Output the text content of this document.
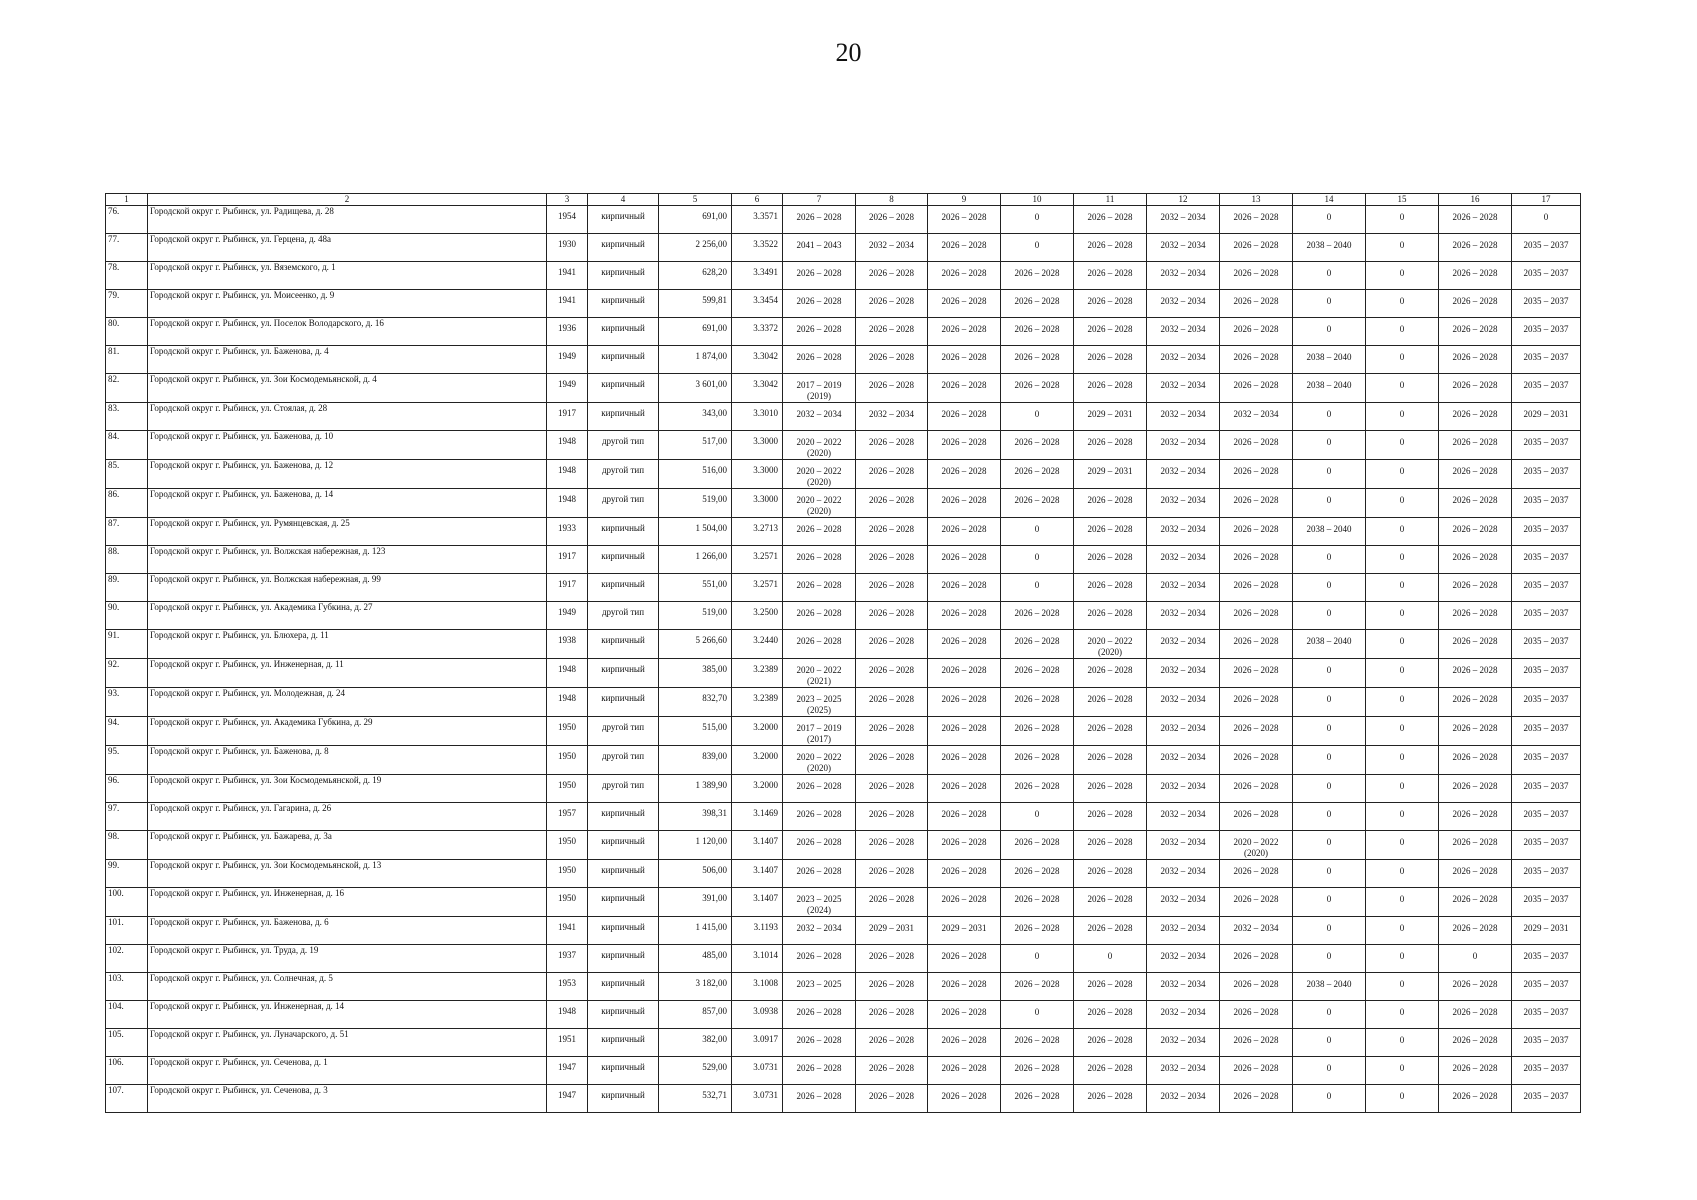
20
1	2	3	4	5	6	7	8	9	10	11	12	13	14	15	16	17

76.	Городской округ г. Рыбинск, ул. Радищева, д. 28	1954	кирпичный	691,00	3.3571	2026 – 2028	2026 – 2028	2026 – 2028	0	2026 – 2028	2032 – 2034	2026 – 2028	0	0	2026 – 2028	0

77.	Городской округ г. Рыбинск, ул. Герцена, д. 48а	1930	кирпичный	2 256,00	3.3522	2041 – 2043	2032 – 2034	2026 – 2028	0	2026 – 2028	2032 – 2034	2026 – 2028	2038 – 2040	0	2026 – 2028	2035 – 2037

78.	Городской округ г. Рыбинск, ул. Вяземского, д. 1	1941	кирпичный	628,20	3.3491	2026 – 2028	2026 – 2028	2026 – 2028	2026 – 2028	2026 – 2028	2032 – 2034	2026 – 2028	0	0	2026 – 2028	2035 – 2037

79.	Городской округ г. Рыбинск, ул. Моисеенко, д. 9	1941	кирпичный	599,81	3.3454	2026 – 2028	2026 – 2028	2026 – 2028	2026 – 2028	2026 – 2028	2032 – 2034	2026 – 2028	0	0	2026 – 2028	2035 – 2037

80.	Городской округ г. Рыбинск, ул. Поселок Володарского, д. 16	1936	кирпичный	691,00	3.3372	2026 – 2028	2026 – 2028	2026 – 2028	2026 – 2028	2026 – 2028	2032 – 2034	2026 – 2028	0	0	2026 – 2028	2035 – 2037

81.	Городской округ г. Рыбинск, ул. Баженова, д. 4	1949	кирпичный	1 874,00	3.3042	2026 – 2028	2026 – 2028	2026 – 2028	2026 – 2028	2026 – 2028	2032 – 2034	2026 – 2028	2038 – 2040	0	2026 – 2028	2035 – 2037

82.	Городской округ г. Рыбинск, ул. Зои Космодемьянской, д. 4	1949	кирпичный	3 601,00	3.3042	2017 – 2019
(2019)	2026 – 2028	2026 – 2028	2026 – 2028	2026 – 2028	2032 – 2034	2026 – 2028	2038 – 2040	0	2026 – 2028	2035 – 2037

83.	Городской округ г. Рыбинск, ул. Стоялая, д. 28	1917	кирпичный	343,00	3.3010	2032 – 2034	2032 – 2034	2026 – 2028	0	2029 – 2031	2032 – 2034	2032 – 2034	0	0	2026 – 2028	2029 – 2031

84.	Городской округ г. Рыбинск, ул. Баженова, д. 10	1948	другой тип	517,00	3.3000	2020 – 2022
(2020)	2026 – 2028	2026 – 2028	2026 – 2028	2026 – 2028	2032 – 2034	2026 – 2028	0	0	2026 – 2028	2035 – 2037

85.	Городской округ г. Рыбинск, ул. Баженова, д. 12	1948	другой тип	516,00	3.3000	2020 – 2022
(2020)	2026 – 2028	2026 – 2028	2026 – 2028	2029 – 2031	2032 – 2034	2026 – 2028	0	0	2026 – 2028	2035 – 2037

86.	Городской округ г. Рыбинск, ул. Баженова, д. 14	1948	другой тип	519,00	3.3000	2020 – 2022
(2020)	2026 – 2028	2026 – 2028	2026 – 2028	2026 – 2028	2032 – 2034	2026 – 2028	0	0	2026 – 2028	2035 – 2037

87.	Городской округ г. Рыбинск, ул. Румянцевская, д. 25	1933	кирпичный	1 504,00	3.2713	2026 – 2028	2026 – 2028	2026 – 2028	0	2026 – 2028	2032 – 2034	2026 – 2028	2038 – 2040	0	2026 – 2028	2035 – 2037

88.	Городской округ г. Рыбинск, ул. Волжская набережная, д. 123	1917	кирпичный	1 266,00	3.2571	2026 – 2028	2026 – 2028	2026 – 2028	0	2026 – 2028	2032 – 2034	2026 – 2028	0	0	2026 – 2028	2035 – 2037

89.	Городской округ г. Рыбинск, ул. Волжская набережная, д. 99	1917	кирпичный	551,00	3.2571	2026 – 2028	2026 – 2028	2026 – 2028	0	2026 – 2028	2032 – 2034	2026 – 2028	0	0	2026 – 2028	2035 – 2037

90.	Городской округ г. Рыбинск, ул. Академика Губкина, д. 27	1949	другой тип	519,00	3.2500	2026 – 2028	2026 – 2028	2026 – 2028	2026 – 2028	2026 – 2028	2032 – 2034	2026 – 2028	0	0	2026 – 2028	2035 – 2037

91.	Городской округ г. Рыбинск, ул. Блюхера, д. 11	1938	кирпичный	5 266,60	3.2440	2026 – 2028	2026 – 2028	2026 – 2028	2026 – 2028	2020 – 2022
(2020)	2032 – 2034	2026 – 2028	2038 – 2040	0	2026 – 2028	2035 – 2037

92.	Городской округ г. Рыбинск, ул. Инженерная, д. 11	1948	кирпичный	385,00	3.2389	2020 – 2022
(2021)	2026 – 2028	2026 – 2028	2026 – 2028	2026 – 2028	2032 – 2034	2026 – 2028	0	0	2026 – 2028	2035 – 2037

93.	Городской округ г. Рыбинск, ул. Молодежная, д. 24	1948	кирпичный	832,70	3.2389	2023 – 2025
(2025)	2026 – 2028	2026 – 2028	2026 – 2028	2026 – 2028	2032 – 2034	2026 – 2028	0	0	2026 – 2028	2035 – 2037

94.	Городской округ г. Рыбинск, ул. Академика Губкина, д. 29	1950	другой тип	515,00	3.2000	2017 – 2019
(2017)	2026 – 2028	2026 – 2028	2026 – 2028	2026 – 2028	2032 – 2034	2026 – 2028	0	0	2026 – 2028	2035 – 2037

95.	Городской округ г. Рыбинск, ул. Баженова, д. 8	1950	другой тип	839,00	3.2000	2020 – 2022
(2020)	2026 – 2028	2026 – 2028	2026 – 2028	2026 – 2028	2032 – 2034	2026 – 2028	0	0	2026 – 2028	2035 – 2037

96.	Городской округ г. Рыбинск, ул. Зои Космодемьянской, д. 19	1950	другой тип	1 389,90	3.2000	2026 – 2028	2026 – 2028	2026 – 2028	2026 – 2028	2026 – 2028	2032 – 2034	2026 – 2028	0	0	2026 – 2028	2035 – 2037

97.	Городской округ г. Рыбинск, ул. Гагарина, д. 26	1957	кирпичный	398,31	3.1469	2026 – 2028	2026 – 2028	2026 – 2028	0	2026 – 2028	2032 – 2034	2026 – 2028	0	0	2026 – 2028	2035 – 2037

98.	Городской округ г. Рыбинск, ул. Бажарева, д. 3а	1950	кирпичный	1 120,00	3.1407	2026 – 2028	2026 – 2028	2026 – 2028	2026 – 2028	2026 – 2028	2032 – 2034	2020 – 2022
(2020)	0	0	2026 – 2028	2035 – 2037

99.	Городской округ г. Рыбинск, ул. Зои Космодемьянской, д. 13	1950	кирпичный	506,00	3.1407	2026 – 2028	2026 – 2028	2026 – 2028	2026 – 2028	2026 – 2028	2032 – 2034	2026 – 2028	0	0	2026 – 2028	2035 – 2037

100.	Городской округ г. Рыбинск, ул. Инженерная, д. 16	1950	кирпичный	391,00	3.1407	2023 – 2025
(2024)	2026 – 2028	2026 – 2028	2026 – 2028	2026 – 2028	2032 – 2034	2026 – 2028	0	0	2026 – 2028	2035 – 2037

101.	Городской округ г. Рыбинск, ул. Баженова, д. 6	1941	кирпичный	1 415,00	3.1193	2032 – 2034	2029 – 2031	2029 – 2031	2026 – 2028	2026 – 2028	2032 – 2034	2032 – 2034	0	0	2026 – 2028	2029 – 2031

102.	Городской округ г. Рыбинск, ул. Труда, д. 19	1937	кирпичный	485,00	3.1014	2026 – 2028	2026 – 2028	2026 – 2028	0	0	2032 – 2034	2026 – 2028	0	0	0	2035 – 2037

103.	Городской округ г. Рыбинск, ул. Солнечная, д. 5	1953	кирпичный	3 182,00	3.1008	2023 – 2025	2026 – 2028	2026 – 2028	2026 – 2028	2026 – 2028	2032 – 2034	2026 – 2028	2038 – 2040	0	2026 – 2028	2035 – 2037

104.	Городской округ г. Рыбинск, ул. Инженерная, д. 14	1948	кирпичный	857,00	3.0938	2026 – 2028	2026 – 2028	2026 – 2028	0	2026 – 2028	2032 – 2034	2026 – 2028	0	0	2026 – 2028	2035 – 2037

105.	Городской округ г. Рыбинск, ул. Луначарского, д. 51	1951	кирпичный	382,00	3.0917	2026 – 2028	2026 – 2028	2026 – 2028	2026 – 2028	2026 – 2028	2032 – 2034	2026 – 2028	0	0	2026 – 2028	2035 – 2037

106.	Городской округ г. Рыбинск, ул. Сеченова, д. 1	1947	кирпичный	529,00	3.0731	2026 – 2028	2026 – 2028	2026 – 2028	2026 – 2028	2026 – 2028	2032 – 2034	2026 – 2028	0	0	2026 – 2028	2035 – 2037

107.	Городской округ г. Рыбинск, ул. Сеченова, д. 3	1947	кирпичный	532,71	3.0731	2026 – 2028	2026 – 2028	2026 – 2028	2026 – 2028	2026 – 2028	2032 – 2034	2026 – 2028	0	0	2026 – 2028	2035 – 2037
